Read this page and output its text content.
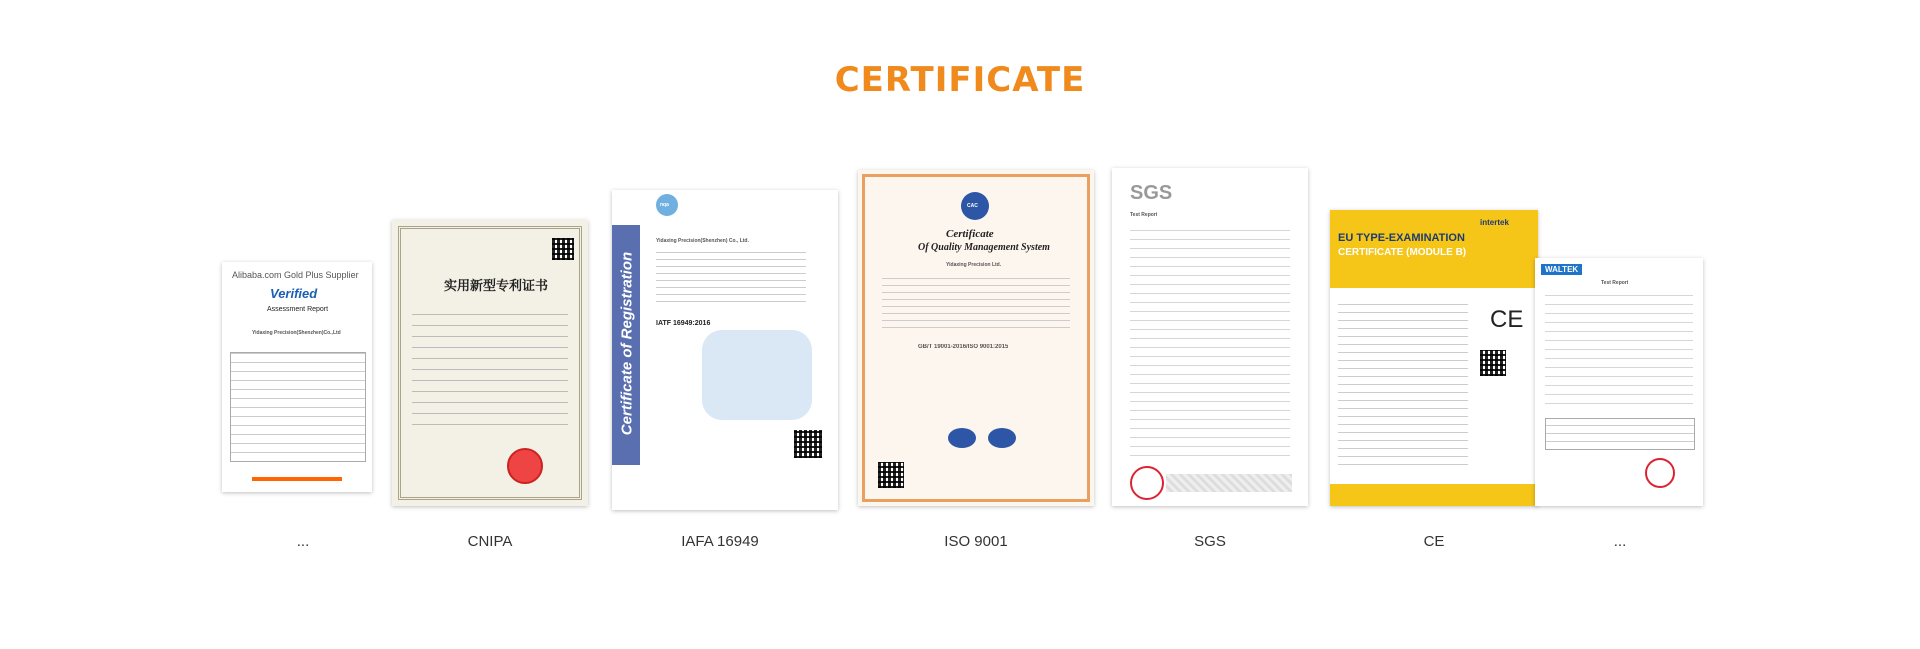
CERTIFICATE
Alibaba.com Gold Plus Supplier
Verified
Assessment Report
Yidaxing Precision(Shenzhen)Co.,Ltd
...
实用新型专利证书
CNIPA
Certificate of Registration
nqa
Yidaxing Precision(Shenzhen) Co., Ltd.
IATF 16949:2016
IAFA 16949
CAC
Certificate
Of Quality Management System
Yidaxing Precision Ltd.
GB/T 19001-2016/ISO 9001:2015
ISO 9001
SGS
Test Report
SGS
intertek
EU TYPE-EXAMINATION
CERTIFICATE (MODULE B)
CE
CE
WALTEK
Test Report
...
